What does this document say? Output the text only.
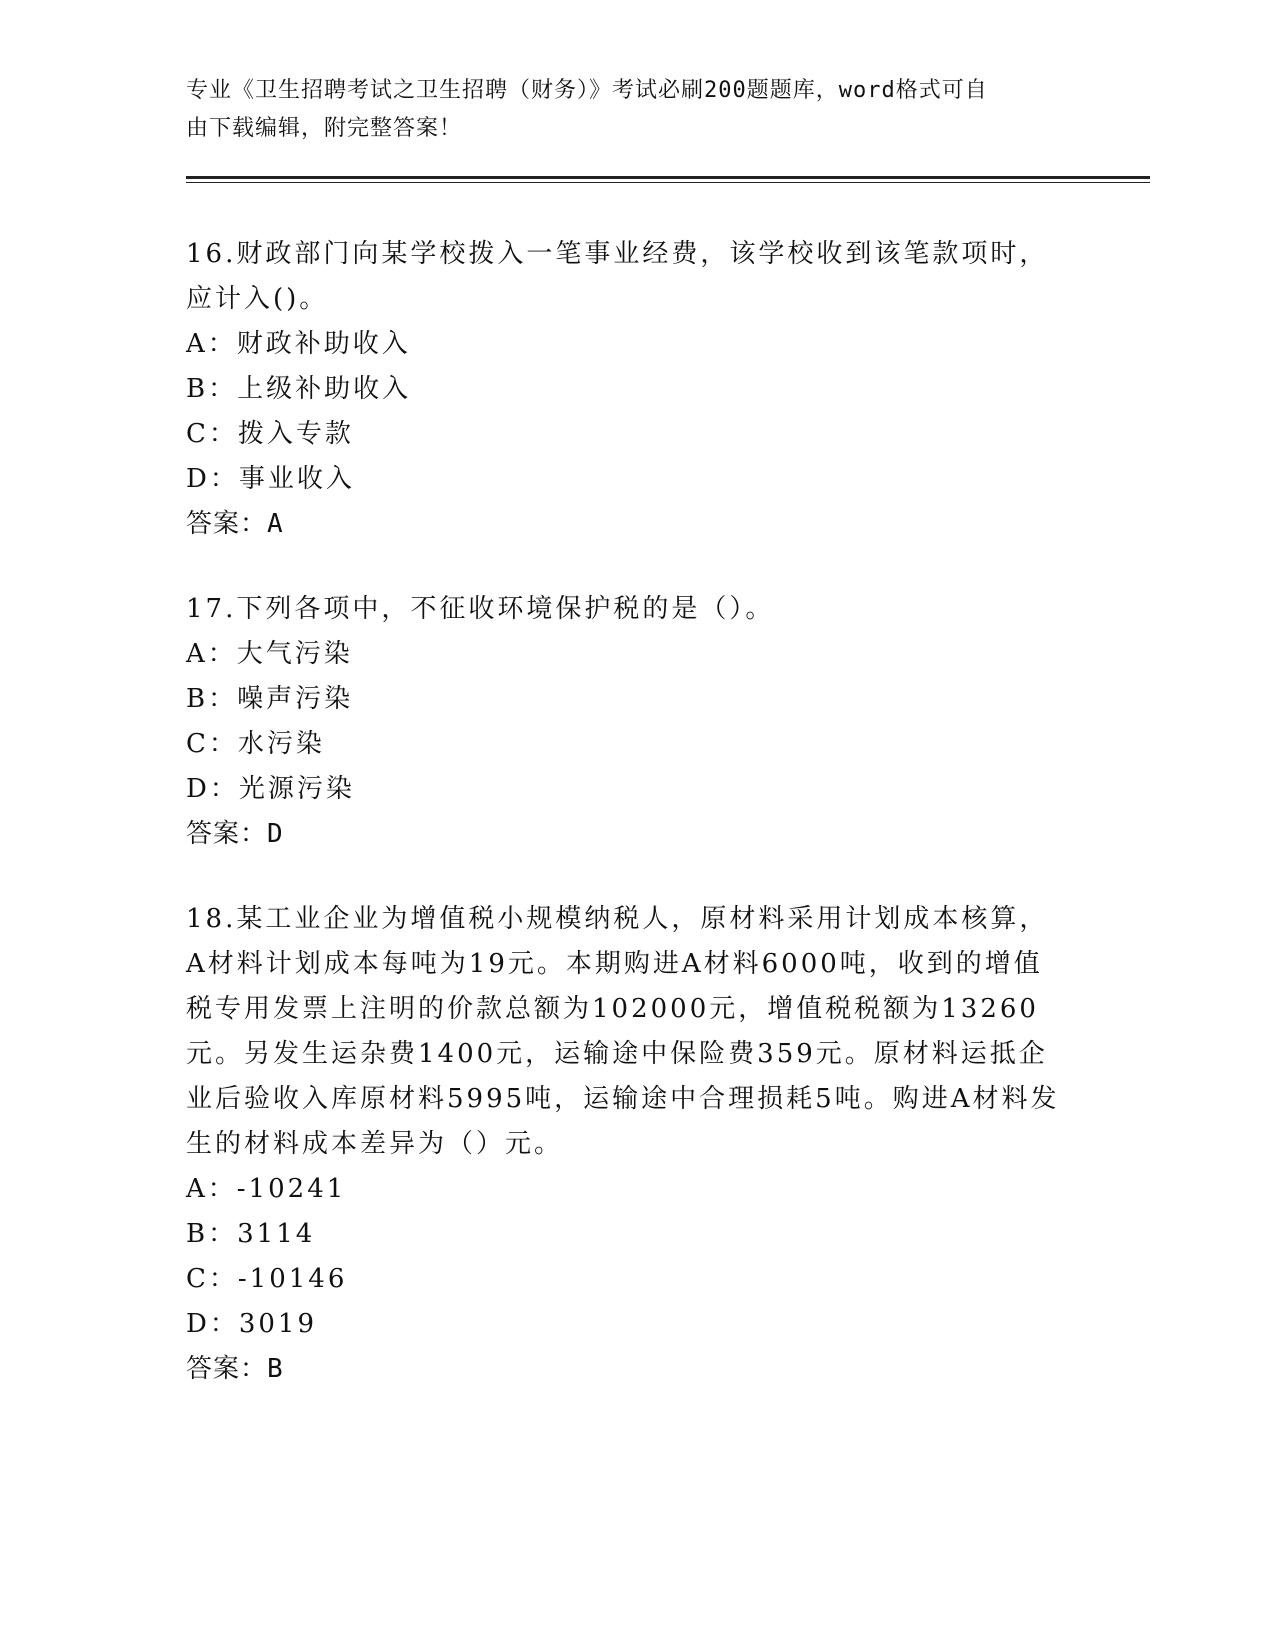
专业《卫生招聘考试之卫生招聘（财务）》考试必刷200题题库，word格式可自
由下载编辑，附完整答案！

16.财政部门向某学校拨入一笔事业经费，该学校收到该笔款项时，应计入()。

A：财政补助收入

B：上级补助收入

C：拨入专款

D：事业收入

答案：A

17.下列各项中，不征收环境保护税的是（）。

A：大气污染

B：噪声污染

C：水污染

D：光源污染

答案：D

18.某工业企业为增值税小规模纳税人，原材料采用计划成本核算，A材料计划成本每吨为19元。本期购进A材料6000吨，收到的增值税专用发票上注明的价款总额为102000元，增值税税额为13260元。另发生运杂费1400元，运输途中保险费359元。原材料运抵企业后验收入库原材料5995吨，运输途中合理损耗5吨。购进A材料发生的材料成本差异为（）元。

A：-10241

B：3114

C：-10146

D：3019

答案：B
